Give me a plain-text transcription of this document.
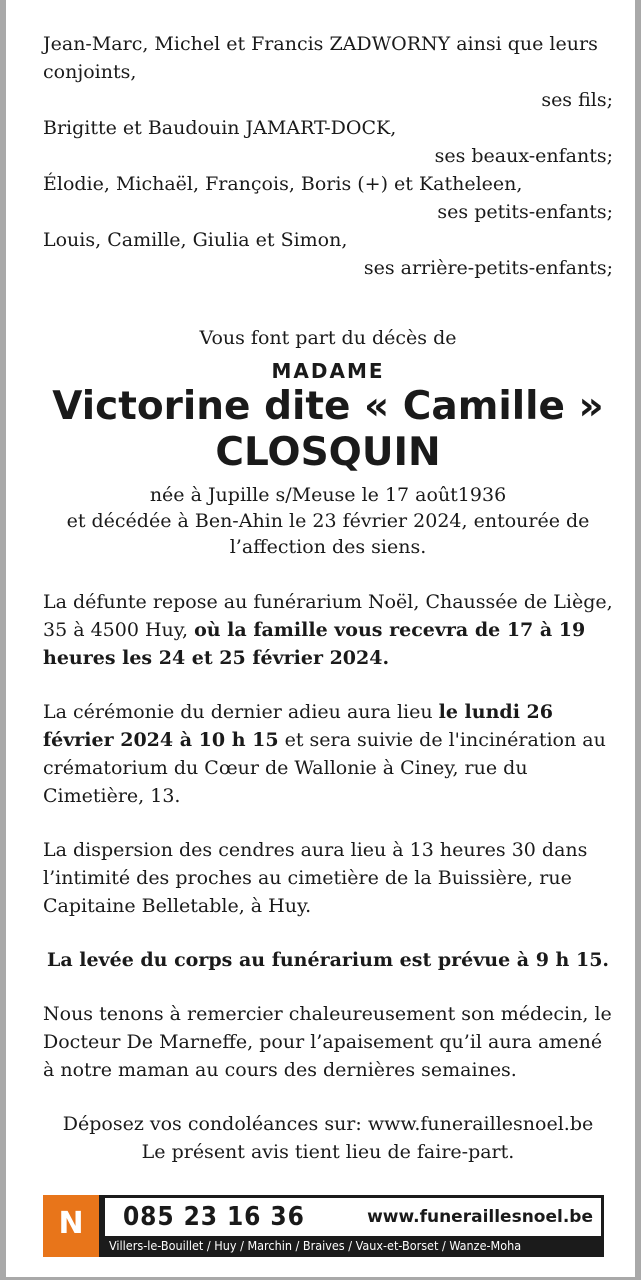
Jean-Marc, Michel et Francis ZADWORNY ainsi que leurs conjoints,

ses fils;

Brigitte et Baudouin JAMART-DOCK,

ses beaux-enfants;

Élodie, Michaël, François, Boris (+) et Katheleen,

ses petits-enfants;

Louis, Camille, Giulia et Simon,

ses arrière-petits-enfants;

Vous font part du décès de

MADAME
Victorine dite « Camille »
CLOSQUIN

née à Jupille s/Meuse le 17 août1936

et décédée à Ben-Ahin le 23 février 2024, entourée de

l’affection des siens.

La défunte repose au funérarium Noël, Chaussée de Liège, 35 à 4500 Huy, où la famille vous recevra de 17 à 19 heures les 24 et 25 février 2024.

La cérémonie du dernier adieu aura lieu le lundi 26 février 2024 à 10 h 15 et sera suivie de l'incinération au crématorium du Cœur de Wallonie à Ciney, rue du Cimetière, 13.

La dispersion des cendres aura lieu à 13 heures 30 dans l’intimité des proches au cimetière de la Buissière, rue Capitaine Belletable, à Huy.

La levée du corps au funérarium est prévue à 9 h 15.

Nous tenons à remercier chaleureusement son médecin, le Docteur De Marneffe, pour l’apaisement qu’il aura amené à notre maman au cours des dernières semaines.

Déposez vos condoléances sur: www.funeraillesnoel.be

Le présent avis tient lieu de faire-part.

N 085 23 16 36	www.funeraillesnoel.be
Villers-le-Bouillet / Huy / Marchin / Braives / Vaux-et-Borset / Wanze-Moha
